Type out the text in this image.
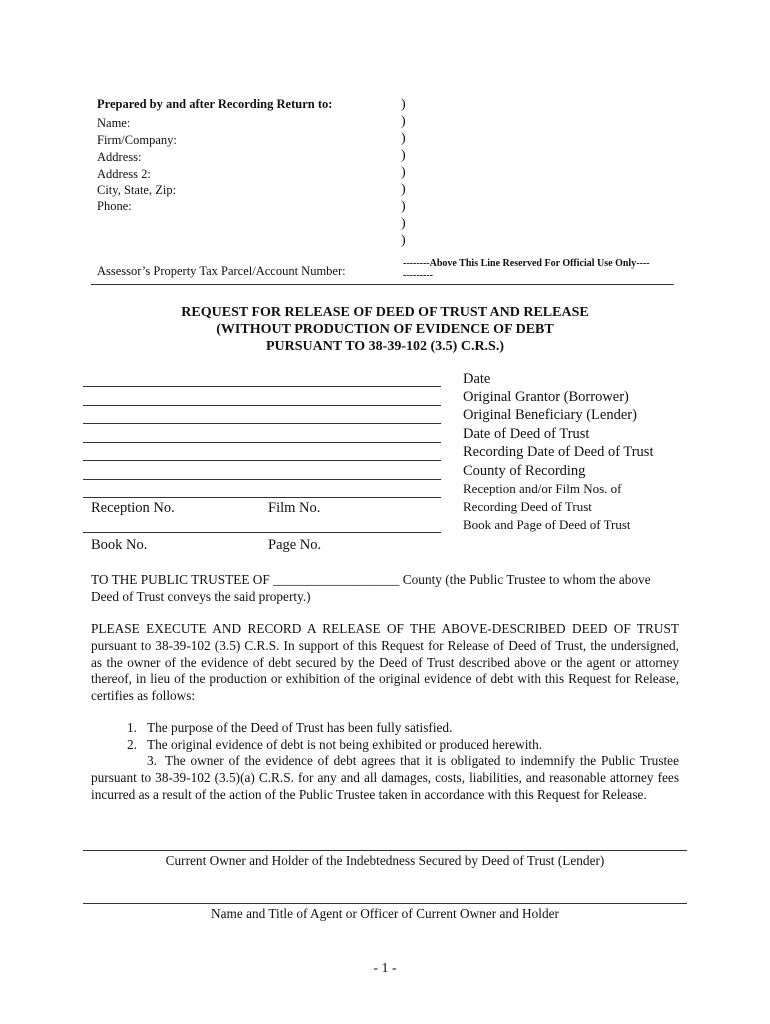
Prepared by and after Recording Return to:
Name:
Firm/Company:
Address:
Address 2:
City, State, Zip:
Phone:
)
)
)
)
)
)
)
)
)
Assessor’s Property Tax Parcel/Account Number:
--------Above This Line Reserved For Official Use Only----
---------
REQUEST FOR RELEASE OF DEED OF TRUST AND RELEASE
(WITHOUT PRODUCTION OF EVIDENCE OF DEBT
PURSUANT TO 38-39-102 (3.5) C.R.S.)
Reception No.	Film No.
Book No.	Page No.
Date
Original Grantor (Borrower)
Original Beneficiary (Lender)
Date of Deed of Trust
Recording Date of Deed of Trust
County of Recording
Reception and/or Film Nos. of
Recording Deed of Trust
Book and Page of Deed of Trust
TO THE PUBLIC TRUSTEE OF ___________________ County (the Public Trustee to whom the above
Deed of Trust conveys the said property.)
PLEASE EXECUTE AND RECORD A RELEASE OF THE ABOVE-DESCRIBED DEED OF TRUST pursuant to 38-39-102 (3.5) C.R.S. In support of this Request for Release of Deed of Trust, the undersigned, as the owner of the evidence of debt secured by the Deed of Trust described above or the agent or attorney thereof, in lieu of the production or exhibition of the original evidence of debt with this Request for Release, certifies as follows:
1. The purpose of the Deed of Trust has been fully satisfied.
2. The original evidence of debt is not being exhibited or produced herewith.
3. The owner of the evidence of debt agrees that it is obligated to indemnify the Public Trustee pursuant to 38-39-102 (3.5)(a) C.R.S. for any and all damages, costs, liabilities, and reasonable attorney fees incurred as a result of the action of the Public Trustee taken in accordance with this Request for Release.
Current Owner and Holder of the Indebtedness Secured by Deed of Trust (Lender)
Name and Title of Agent or Officer of Current Owner and Holder
- 1 -
